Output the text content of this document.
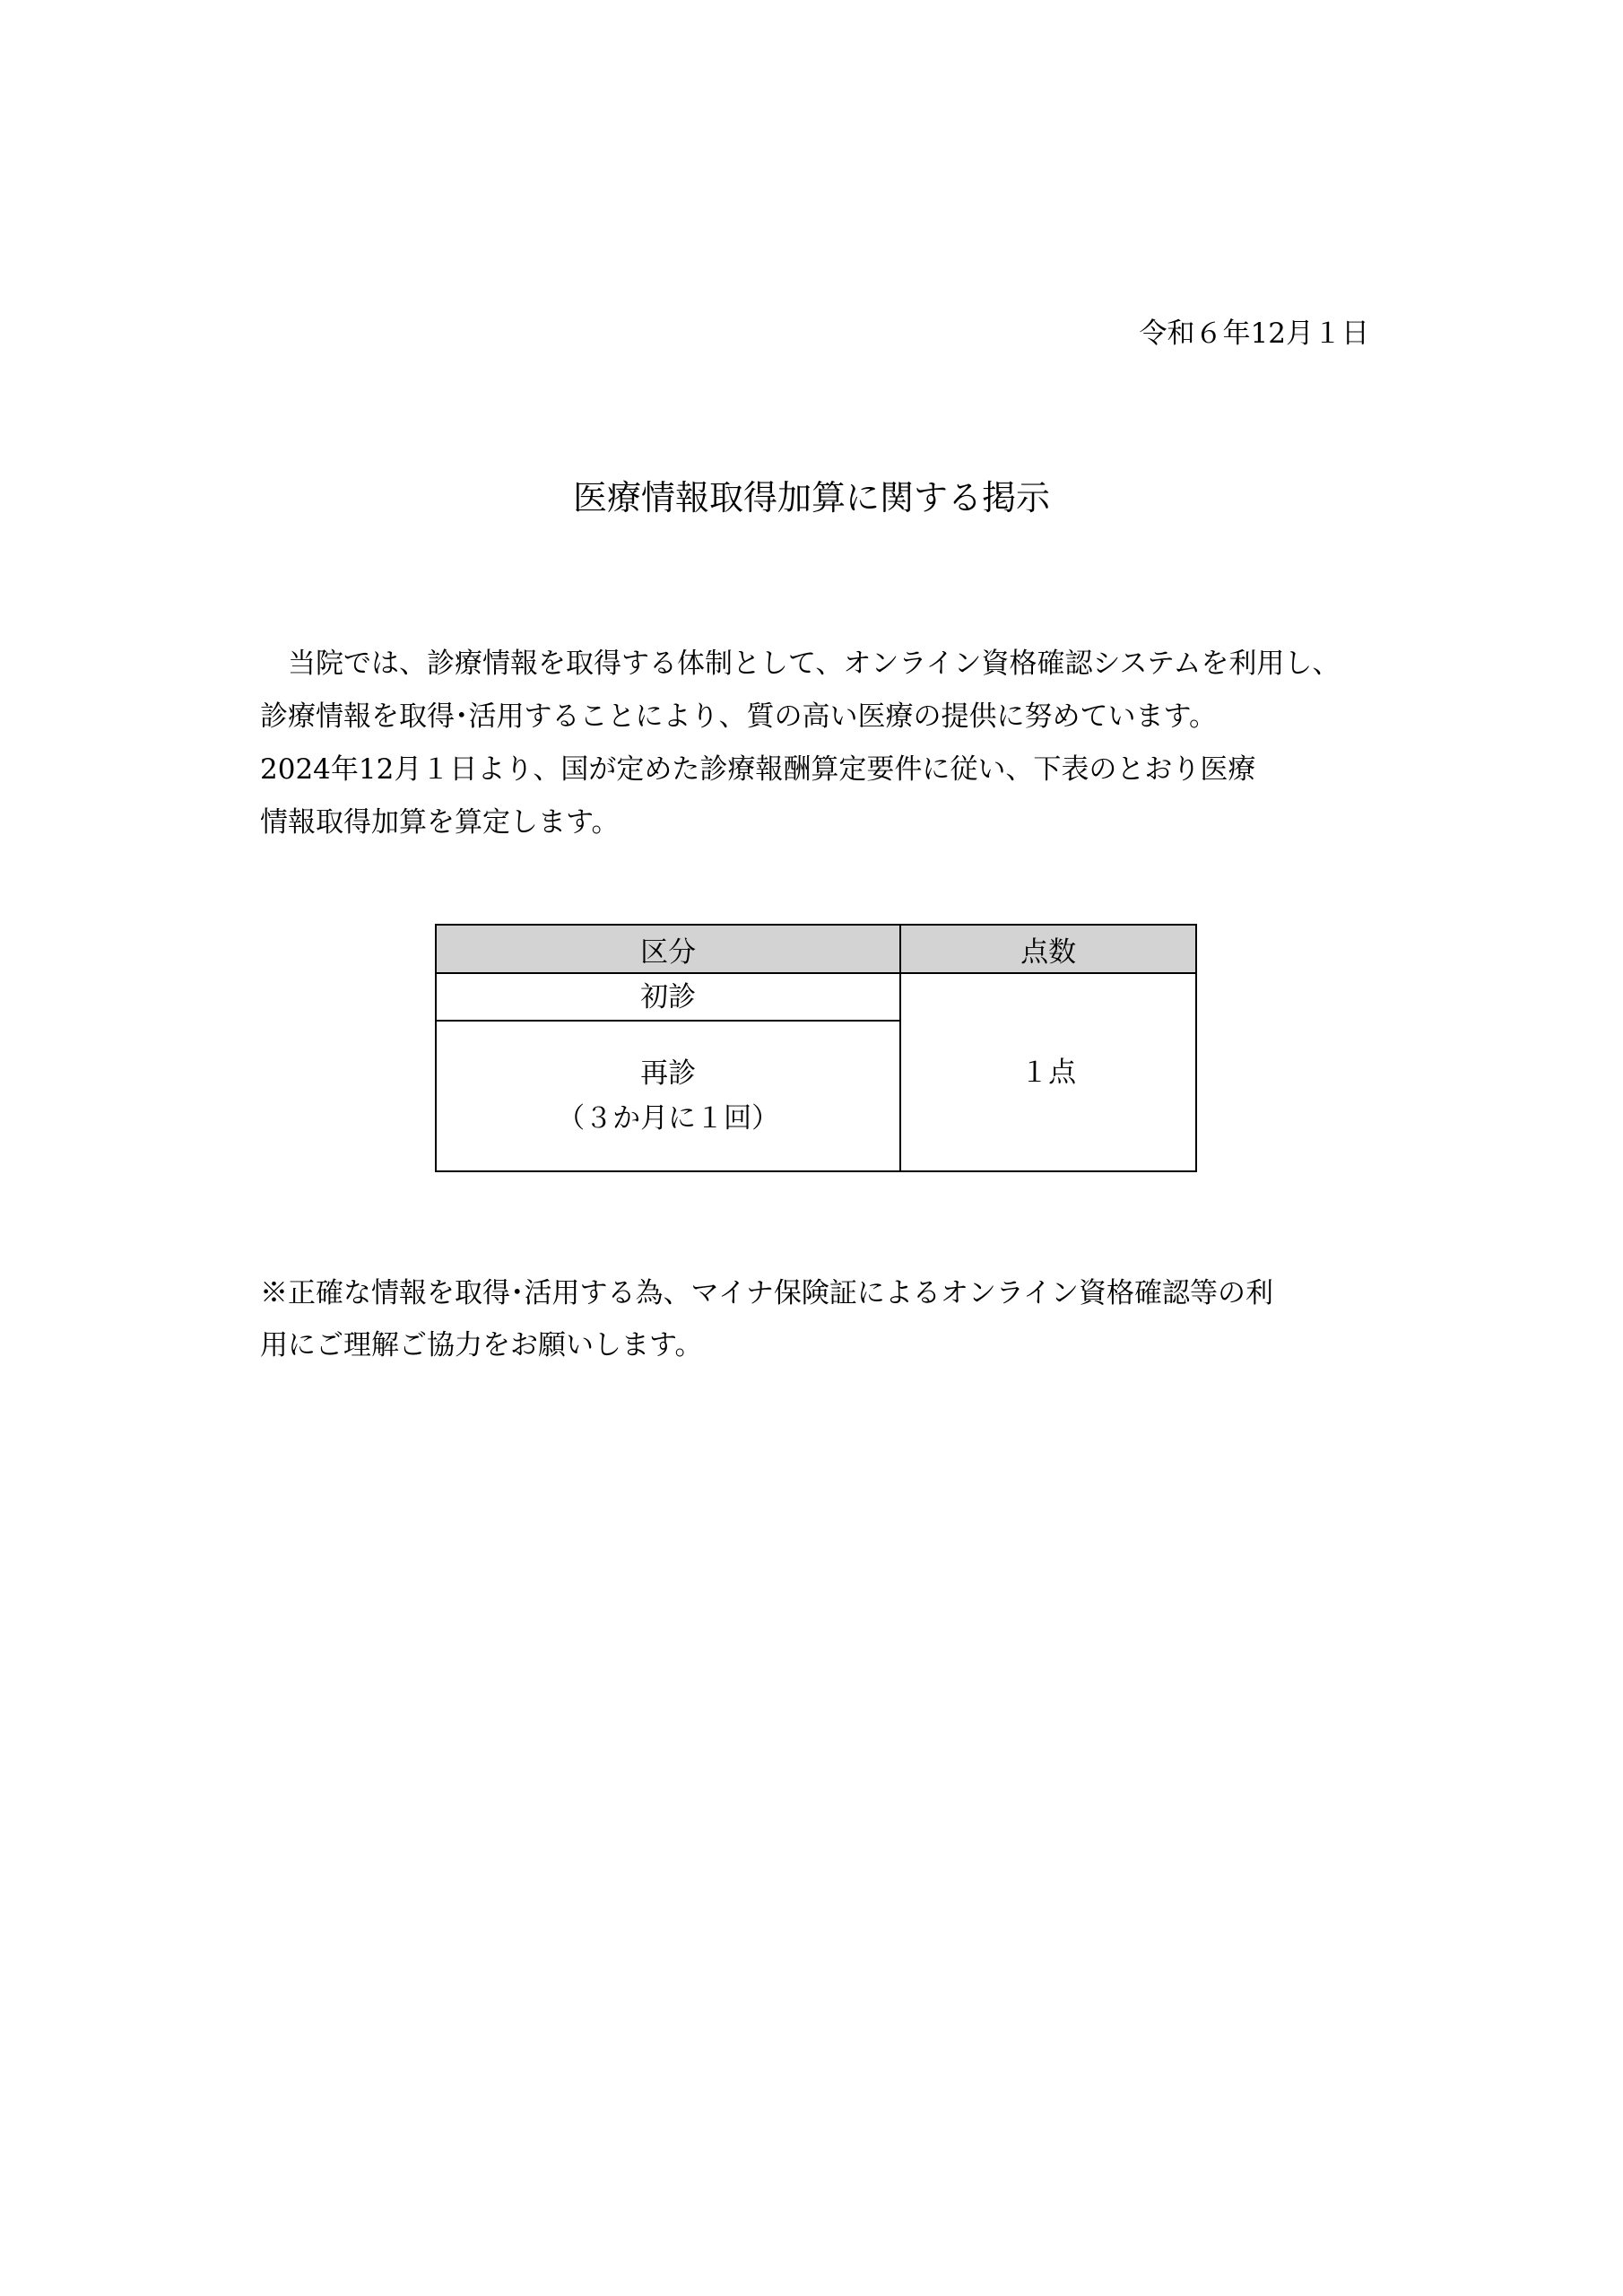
令和６年12月１日
医療情報取得加算に関する掲示
当院では、診療情報を取得する体制として、オンライン資格確認システムを利用し、
診療情報を取得･活用することにより、質の高い医療の提供に努めています。
2024年12月１日より、国が定めた診療報酬算定要件に従い、下表のとおり医療
情報取得加算を算定します。
区分	点数

初診	１点

再診
（３か月に１回）	
※正確な情報を取得･活用する為、マイナ保険証によるオンライン資格確認等の利
用にご理解ご協力をお願いします。
